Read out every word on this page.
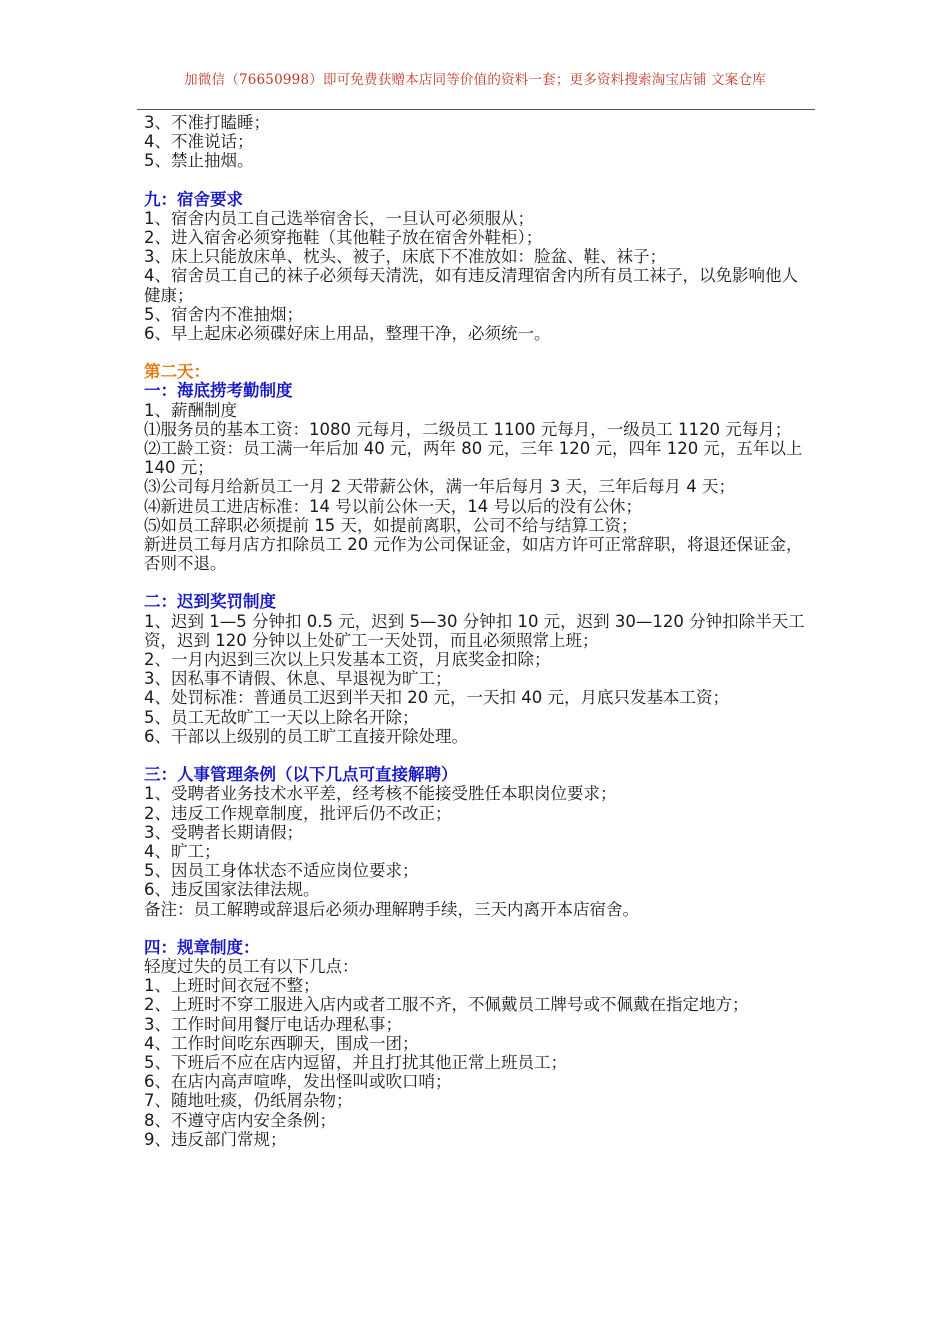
加微信（76650998）即可免费获赠本店同等价值的资料一套；更多资料搜索淘宝店铺 文案仓库
3、不准打瞌睡；
4、不准说话；
5、禁止抽烟。
九：宿舍要求
1、宿舍内员工自己选举宿舍长，一旦认可必须服从；
2、进入宿舍必须穿拖鞋（其他鞋子放在宿舍外鞋柜）；
3、床上只能放床单、枕头、被子，床底下不准放如：脸盆、鞋、袜子；
4、宿舍员工自己的袜子必须每天清洗，如有违反清理宿舍内所有员工袜子，以免影响他人健康；
5、宿舍内不准抽烟；
6、早上起床必须碟好床上用品，整理干净，必须统一。
第二天：
一：海底捞考勤制度
1、薪酬制度
⑴服务员的基本工资：1080 元每月，二级员工 1100 元每月，一级员工 1120 元每月；
⑵工龄工资：员工满一年后加 40 元，两年 80 元，三年 120 元，四年 120 元，五年以上 140 元；
⑶公司每月给新员工一月 2 天带薪公休，满一年后每月 3 天，三年后每月 4 天；
⑷新进员工进店标准：14 号以前公休一天，14 号以后的没有公休；
⑸如员工辞职必须提前 15 天，如提前离职，公司不给与结算工资；
新进员工每月店方扣除员工 20 元作为公司保证金，如店方许可正常辞职，将退还保证金，否则不退。
二：迟到奖罚制度
1、迟到 1—5 分钟扣 0.5 元，迟到 5—30 分钟扣 10 元，迟到 30—120 分钟扣除半天工资，迟到 120 分钟以上处矿工一天处罚，而且必须照常上班；
2、一月内迟到三次以上只发基本工资，月底奖金扣除；
3、因私事不请假、休息、早退视为旷工；
4、处罚标准：普通员工迟到半天扣 20 元，一天扣 40 元，月底只发基本工资；
5、员工无故旷工一天以上除名开除；
6、干部以上级别的员工旷工直接开除处理。
三：人事管理条例（以下几点可直接解聘）
1、受聘者业务技术水平差，经考核不能接受胜任本职岗位要求；
2、违反工作规章制度，批评后仍不改正；
3、受聘者长期请假；
4、旷工；
5、因员工身体状态不适应岗位要求；
6、违反国家法律法规。
备注：员工解聘或辞退后必须办理解聘手续，三天内离开本店宿舍。
四：规章制度：
轻度过失的员工有以下几点：
1、上班时间衣冠不整；
2、上班时不穿工服进入店内或者工服不齐，不佩戴员工牌号或不佩戴在指定地方；
3、工作时间用餐厅电话办理私事；
4、工作时间吃东西聊天，围成一团；
5、下班后不应在店内逗留，并且打扰其他正常上班员工；
6、在店内高声喧哗，发出怪叫或吹口哨；
7、随地吐痰，仍纸屑杂物；
8、不遵守店内安全条例；
9、违反部门常规；
